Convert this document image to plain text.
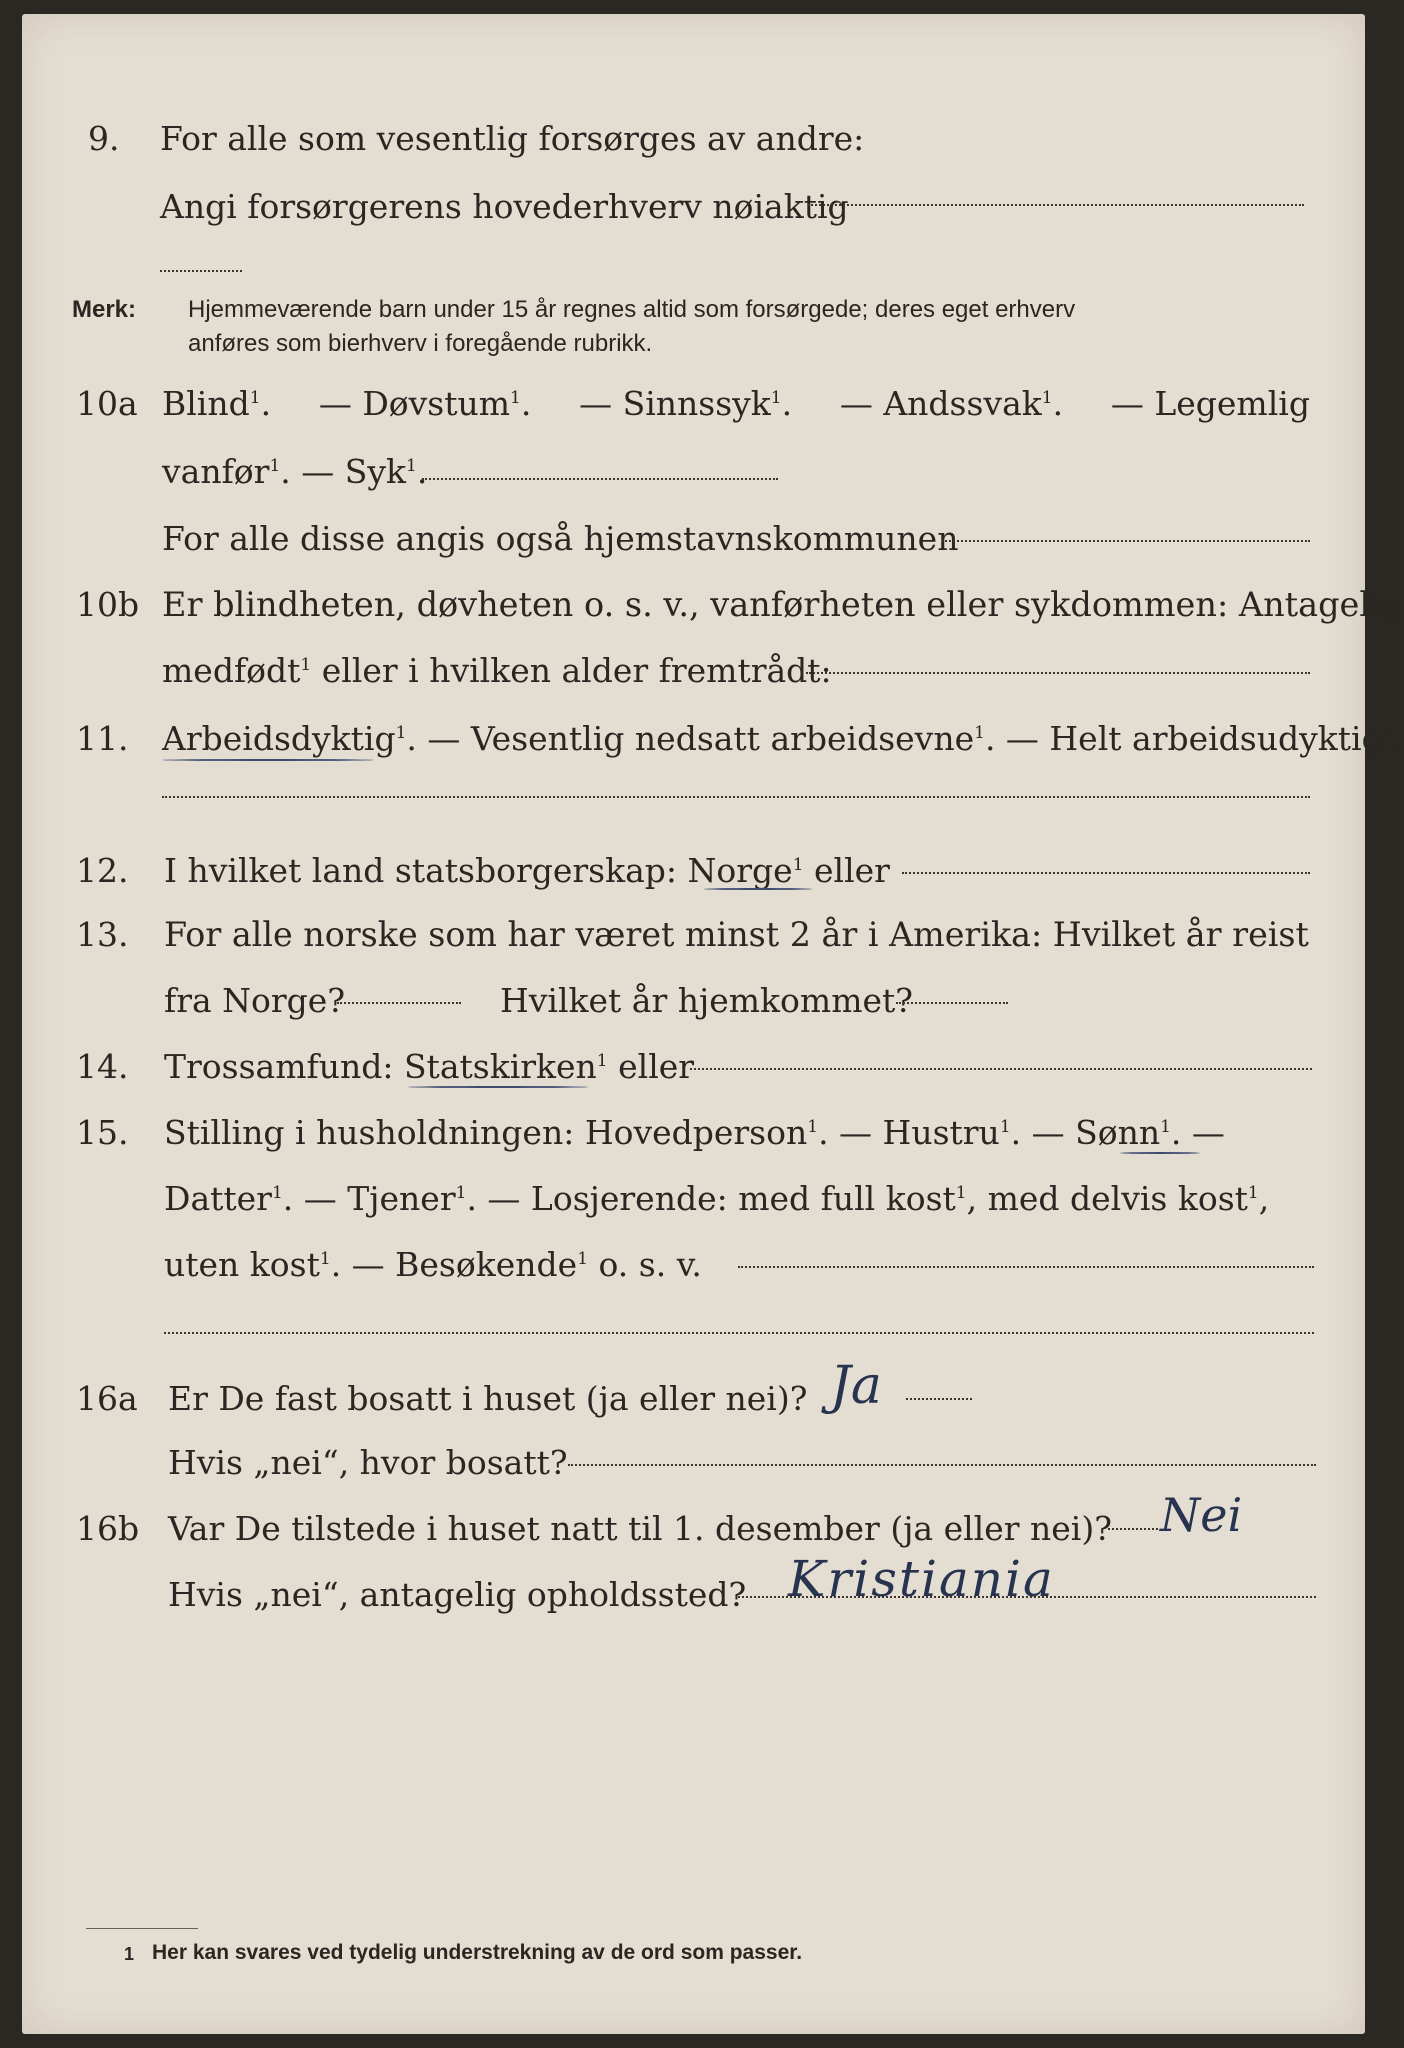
9. For alle som vesentlig forsørges av andre:
Angi forsørgerens hovederhverv nøiaktig
Merk: Hjemmeværende barn under 15 år regnes altid som forsørgede; deres eget erhverv
anføres som bierhverv i foregående rubrikk.
10a Blind$^1$. — Døvstum$^1$. — Sinnssyk$^1$. — Andssvak$^1$. — Legemlig
vanfør$^1$. — Syk$^1$.
For alle disse angis også hjemstavnskommunen
10b Er blindheten, døvheten o. s. v., vanførheten eller sykdommen: Antagelig
medfødt$^1$ eller i hvilken alder fremtrådt:
11. Arbeidsdyktig$^1$. — Vesentlig nedsatt arbeidsevne$^1$. — Helt arbeidsudyktig$^1$.
12. I hvilket land statsborgerskap: Norge$^1$ eller
13. For alle norske som har været minst 2 år i Amerika: Hvilket år reist
fra Norge?	Hvilket år hjemkommet?
14. Trossamfund: Statskirken$^1$ eller
15. Stilling i husholdningen: Hovedperson$^1$. — Hustru$^1$. — Sønn$^1$. —
Datter$^1$. — Tjener$^1$. — Losjerende: med full kost$^1$, med delvis kost$^1$,
uten kost$^1$. — Besøkende$^1$ o. s. v.
16a Er De fast bosatt i huset (ja eller nei)? Ja
Hvis „nei“, hvor bosatt?
16b Var De tilstede i huset natt til 1. desember (ja eller nei)? Nei
Hvis „nei“, antagelig opholdssted? Kristiania
1 Her kan svares ved tydelig understrekning av de ord som passer.
